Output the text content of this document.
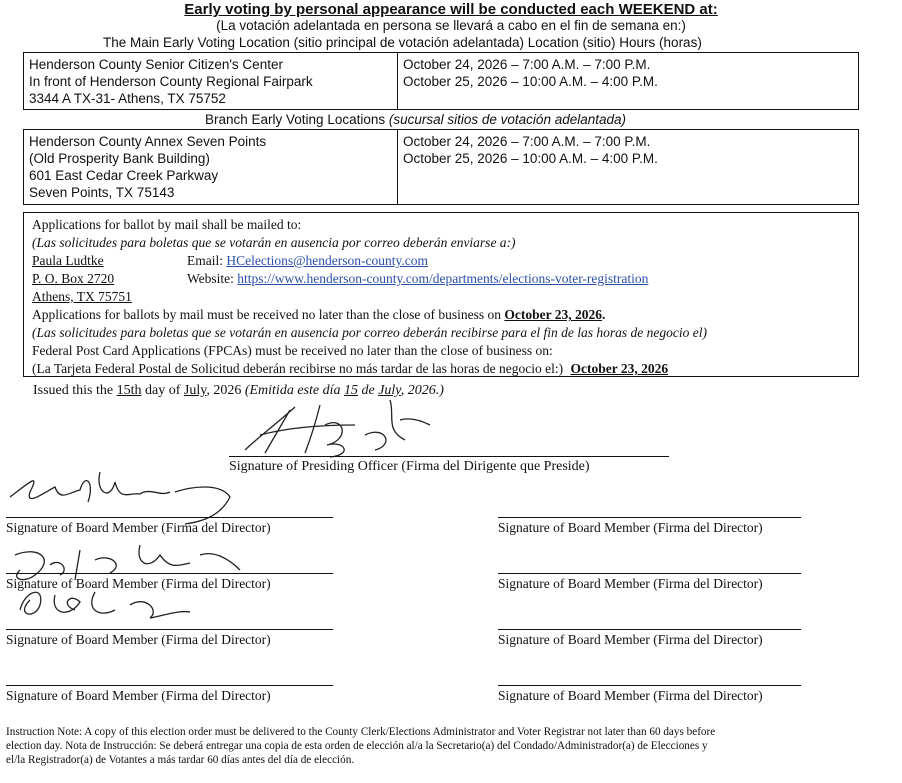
Early voting by personal appearance will be conducted each WEEKEND at:
(La votación adelantada en persona se llevará a cabo en el fin de semana en:)
The Main Early Voting Location (sitio principal de votación adelantada) Location (sitio) Hours (horas)
Henderson County Senior Citizen's Center
In front of Henderson County Regional Fairpark
3344 A TX-31- Athens, TX 75752
October 24, 2026 – 7:00 A.M. – 7:00 P.M.
October 25, 2026 – 10:00 A.M. – 4:00 P.M.
Branch Early Voting Locations (sucursal sitios de votación adelantada)
Henderson County Annex Seven Points
(Old Prosperity Bank Building)
601 East Cedar Creek Parkway
Seven Points, TX 75143
October 24, 2026 – 7:00 A.M. – 7:00 P.M.
October 25, 2026 – 10:00 A.M. – 4:00 P.M.
Applications for ballot by mail shall be mailed to:
(Las solicitudes para boletas que se votarán en ausencia por correo deberán enviarse a:)
Paula Ludtke
P. O. Box 2720
Athens, TX 75751
Email: HCelections@henderson-county.com
Website: https://www.henderson-county.com/departments/elections-voter-registration
Applications for ballots by mail must be received no later than the close of business on October 23, 2026.
(Las solicitudes para boletas que se votarán en ausencia por correo deberán recibirse para el fin de las horas de negocio el)
Federal Post Card Applications (FPCAs) must be received no later than the close of business on:
(La Tarjeta Federal Postal de Solicitud deberán recibirse no más tardar de las horas de negocio el:) October 23, 2026
Issued this the 15th day of July, 2026 (Emitida este día 15 de July, 2026.)
Signature of Presiding Officer (Firma del Dirigente que Preside)
Signature of Board Member (Firma del Director)
Signature of Board Member (Firma del Director)
Signature of Board Member (Firma del Director)
Signature of Board Member (Firma del Director)
Signature of Board Member (Firma del Director)
Signature of Board Member (Firma del Director)
Signature of Board Member (Firma del Director)
Signature of Board Member (Firma del Director)
Instruction Note: A copy of this election order must be delivered to the County Clerk/Elections Administrator and Voter Registrar not later than 60 days before
election day. Nota de Instrucción: Se deberá entregar una copia de esta orden de elección al/a la Secretario(a) del Condado/Administrador(a) de Elecciones y
el/la Registrador(a) de Votantes a más tardar 60 días antes del día de elección.
